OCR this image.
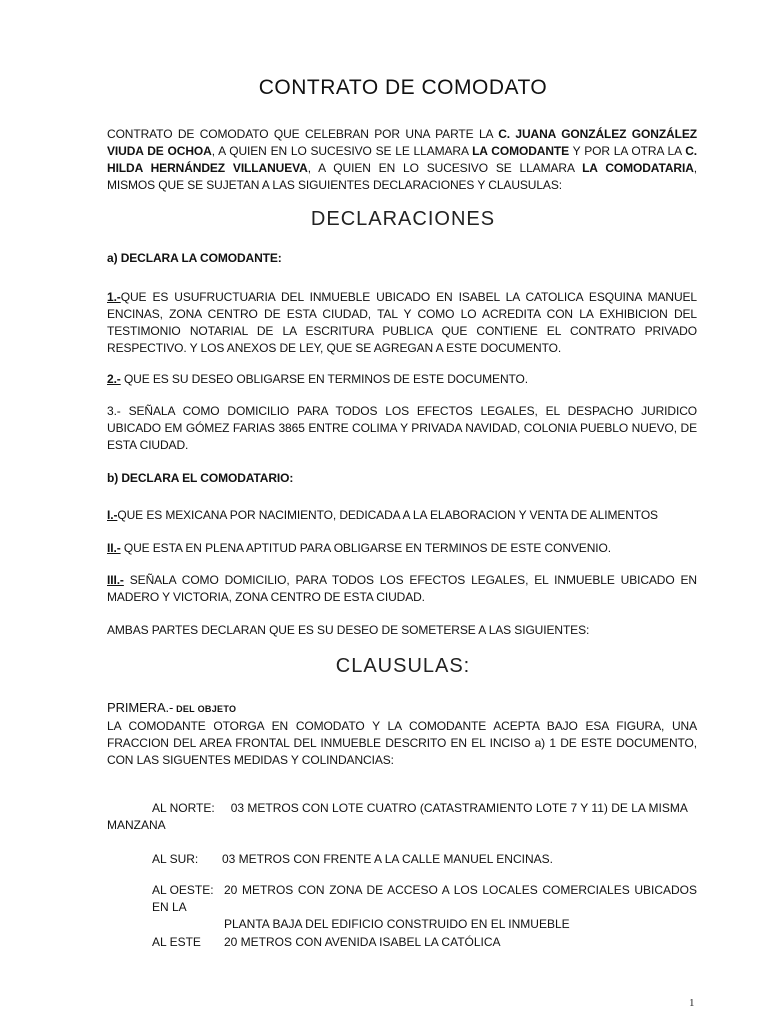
CONTRATO DE COMODATO
CONTRATO DE COMODATO QUE CELEBRAN POR UNA PARTE LA C. JUANA GONZÁLEZ GONZÁLEZ VIUDA DE OCHOA, A QUIEN EN LO SUCESIVO SE LE LLAMARA LA COMODANTE Y POR LA OTRA LA C. HILDA HERNÁNDEZ VILLANUEVA, A QUIEN EN LO SUCESIVO SE LLAMARA LA COMODATARIA, MISMOS QUE SE SUJETAN A LAS SIGUIENTES DECLARACIONES Y CLAUSULAS:
DECLARACIONES
a) DECLARA LA COMODANTE:
1.-QUE ES USUFRUCTUARIA DEL INMUEBLE UBICADO EN ISABEL LA CATOLICA ESQUINA MANUEL ENCINAS, ZONA CENTRO DE ESTA CIUDAD, TAL Y COMO LO ACREDITA CON LA EXHIBICION DEL TESTIMONIO NOTARIAL DE LA ESCRITURA PUBLICA QUE CONTIENE EL CONTRATO PRIVADO RESPECTIVO. Y LOS ANEXOS DE LEY, QUE SE AGREGAN A ESTE DOCUMENTO.
2.- QUE ES SU DESEO OBLIGARSE EN TERMINOS DE ESTE DOCUMENTO.
3.- SEÑALA COMO DOMICILIO PARA TODOS LOS EFECTOS LEGALES, EL DESPACHO JURIDICO UBICADO EM GÓMEZ FARIAS 3865 ENTRE COLIMA Y PRIVADA NAVIDAD, COLONIA PUEBLO NUEVO, DE ESTA CIUDAD.
b) DECLARA EL COMODATARIO:
I.-QUE ES MEXICANA POR NACIMIENTO, DEDICADA A LA ELABORACION Y VENTA DE ALIMENTOS
II.- QUE ESTA EN PLENA APTITUD PARA OBLIGARSE EN TERMINOS DE ESTE CONVENIO.
III.- SEÑALA COMO DOMICILIO, PARA TODOS LOS EFECTOS LEGALES, EL INMUEBLE UBICADO EN MADERO Y VICTORIA, ZONA CENTRO DE ESTA CIUDAD.
AMBAS PARTES DECLARAN QUE ES SU DESEO DE SOMETERSE A LAS SIGUIENTES:
CLAUSULAS:
PRIMERA.- DEL OBJETO
LA COMODANTE OTORGA EN COMODATO Y LA COMODANTE ACEPTA BAJO ESA FIGURA, UNA FRACCION DEL AREA FRONTAL DEL INMUEBLE DESCRITO EN EL INCISO a) 1 DE ESTE DOCUMENTO, CON LAS SIGUENTES MEDIDAS Y COLINDANCIAS:
AL NORTE: 03 METROS CON LOTE CUATRO (CATASTRAMIENTO LOTE 7 Y 11) DE LA MISMA
MANZANA
AL SUR: 03 METROS CON FRENTE A LA CALLE MANUEL ENCINAS.
AL OESTE: 20 METROS CON ZONA DE ACCESO A LOS LOCALES COMERCIALES UBICADOS EN LA
PLANTA BAJA DEL EDIFICIO CONSTRUIDO EN EL INMUEBLE
AL ESTE 20 METROS CON AVENIDA ISABEL LA CATÓLICA
1
